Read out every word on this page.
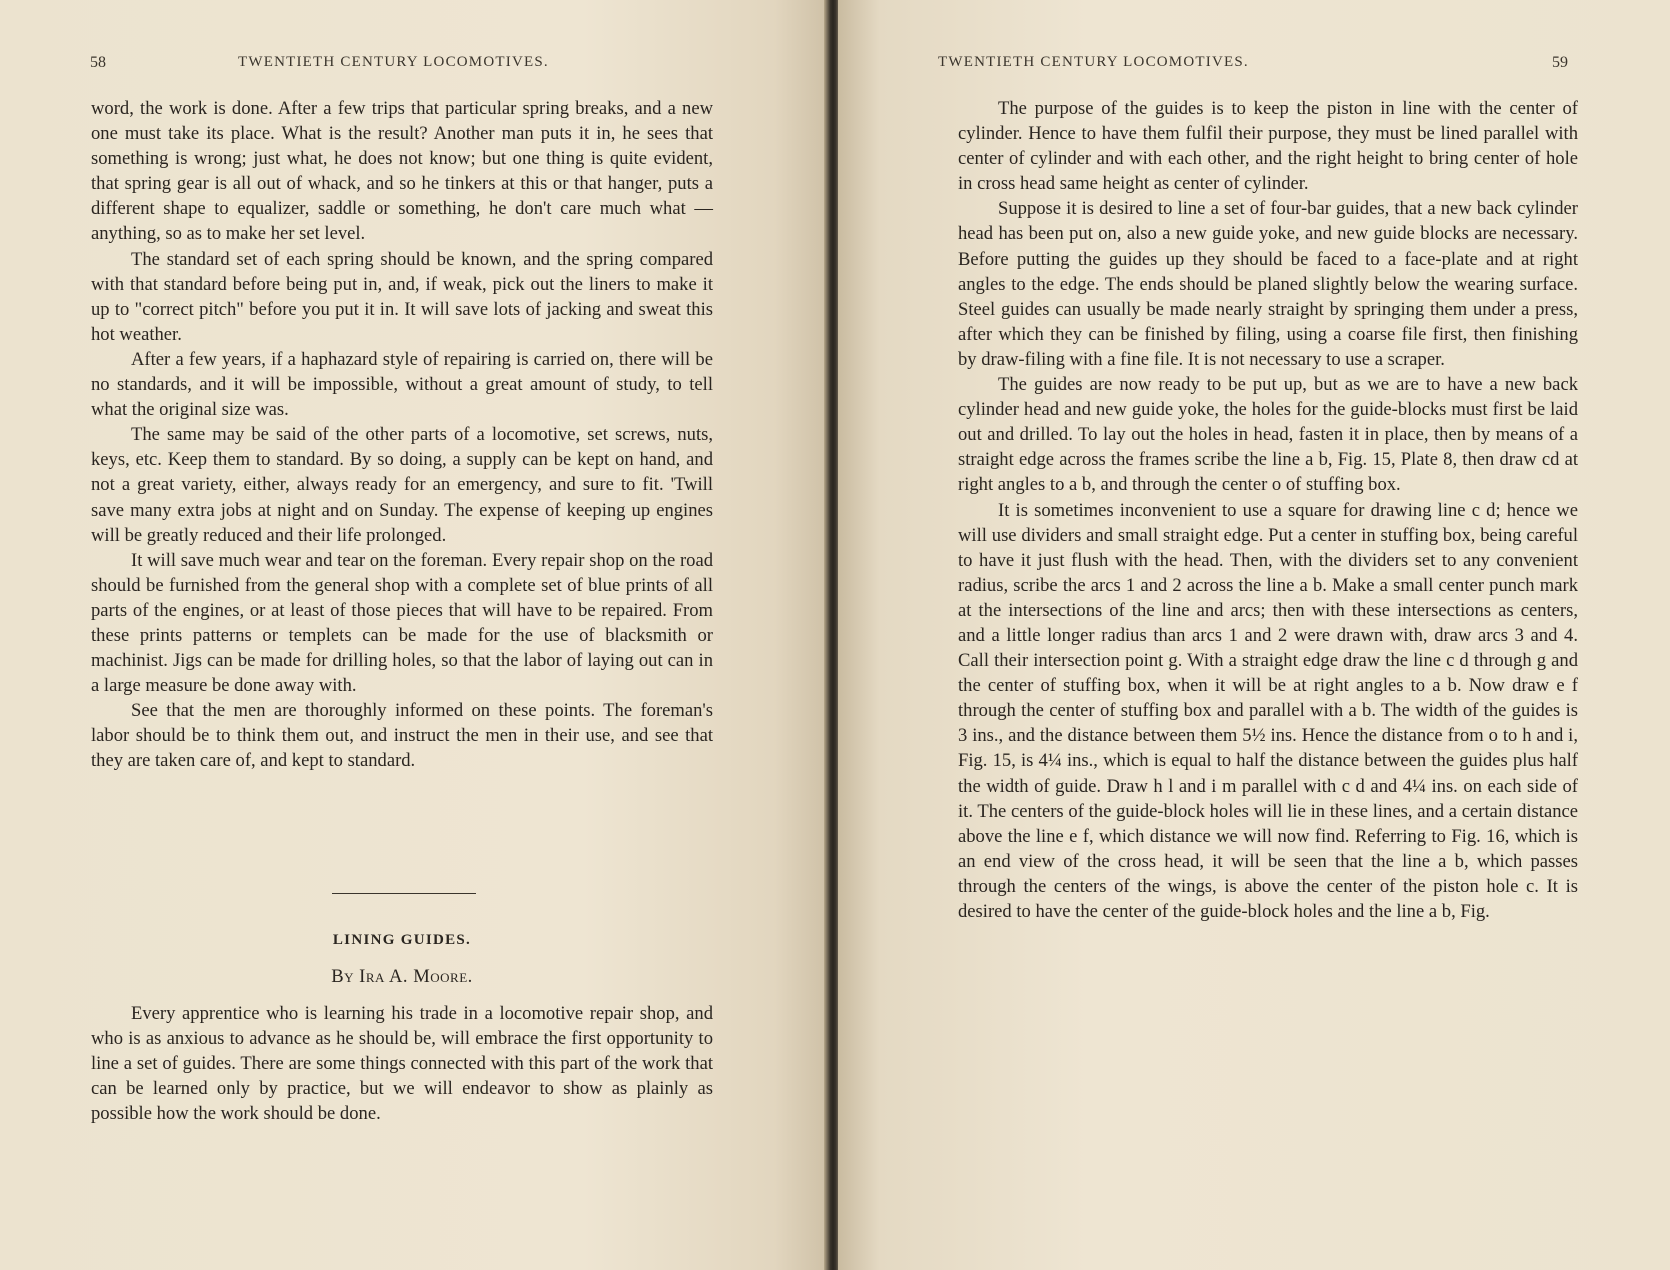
58	TWENTIETH CENTURY LOCOMOTIVES.

word, the work is done. After a few trips that particular spring breaks, and a new one must take its place. What is the result? Another man puts it in, he sees that something is wrong; just what, he does not know; but one thing is quite evident, that spring gear is all out of whack, and so he tinkers at this or that hanger, puts a different shape to equalizer, saddle or something, he don't care much what —anything, so as to make her set level.

The standard set of each spring should be known, and the spring compared with that standard before being put in, and, if weak, pick out the liners to make it up to "correct pitch" before you put it in. It will save lots of jacking and sweat this hot weather.

After a few years, if a haphazard style of repairing is carried on, there will be no standards, and it will be impossible, without a great amount of study, to tell what the original size was.

The same may be said of the other parts of a locomotive, set screws, nuts, keys, etc. Keep them to standard. By so doing, a supply can be kept on hand, and not a great variety, either, always ready for an emergency, and sure to fit. 'Twill save many extra jobs at night and on Sunday. The expense of keeping up engines will be greatly reduced and their life prolonged.

It will save much wear and tear on the foreman. Every repair shop on the road should be furnished from the general shop with a complete set of blue prints of all parts of the engines, or at least of those pieces that will have to be repaired. From these prints patterns or templets can be made for the use of blacksmith or machinist. Jigs can be made for drilling holes, so that the labor of laying out can in a large measure be done away with.

See that the men are thoroughly informed on these points. The foreman's labor should be to think them out, and instruct the men in their use, and see that they are taken care of, and kept to standard.

LINING GUIDES.
By Ira A. Moore.

Every apprentice who is learning his trade in a locomotive repair shop, and who is as anxious to advance as he should be, will embrace the first opportunity to line a set of guides. There are some things connected with this part of the work that can be learned only by practice, but we will endeavor to show as plainly as possible how the work should be done.

TWENTIETH CENTURY LOCOMOTIVES.	59

The purpose of the guides is to keep the piston in line with the center of cylinder. Hence to have them fulfil their purpose, they must be lined parallel with center of cylinder and with each other, and the right height to bring center of hole in cross head same height as center of cylinder.

Suppose it is desired to line a set of four-bar guides, that a new back cylinder head has been put on, also a new guide yoke, and new guide blocks are necessary. Before putting the guides up they should be faced to a face-plate and at right angles to the edge. The ends should be planed slightly below the wearing surface. Steel guides can usually be made nearly straight by springing them under a press, after which they can be finished by filing, using a coarse file first, then finishing by draw-filing with a fine file. It is not necessary to use a scraper.

The guides are now ready to be put up, but as we are to have a new back cylinder head and new guide yoke, the holes for the guide-blocks must first be laid out and drilled. To lay out the holes in head, fasten it in place, then by means of a straight edge across the frames scribe the line a b, Fig. 15, Plate 8, then draw cd at right angles to a b, and through the center o of stuffing box.

It is sometimes inconvenient to use a square for drawing line c d; hence we will use dividers and small straight edge. Put a center in stuffing box, being careful to have it just flush with the head. Then, with the dividers set to any convenient radius, scribe the arcs 1 and 2 across the line a b. Make a small center punch mark at the intersections of the line and arcs; then with these intersections as centers, and a little longer radius than arcs 1 and 2 were drawn with, draw arcs 3 and 4. Call their intersection point g. With a straight edge draw the line c d through g and the center of stuffing box, when it will be at right angles to a b. Now draw e f through the center of stuffing box and parallel with a b. The width of the guides is 3 ins., and the distance between them 5½ ins. Hence the distance from o to h and i, Fig. 15, is 4¼ ins., which is equal to half the distance between the guides plus half the width of guide. Draw h l and i m parallel with c d and 4¼ ins. on each side of it. The centers of the guide-block holes will lie in these lines, and a certain distance above the line e f, which distance we will now find. Referring to Fig. 16, which is an end view of the cross head, it will be seen that the line a b, which passes through the centers of the wings, is above the center of the piston hole c. It is desired to have the center of the guide-block holes and the line a b, Fig.
